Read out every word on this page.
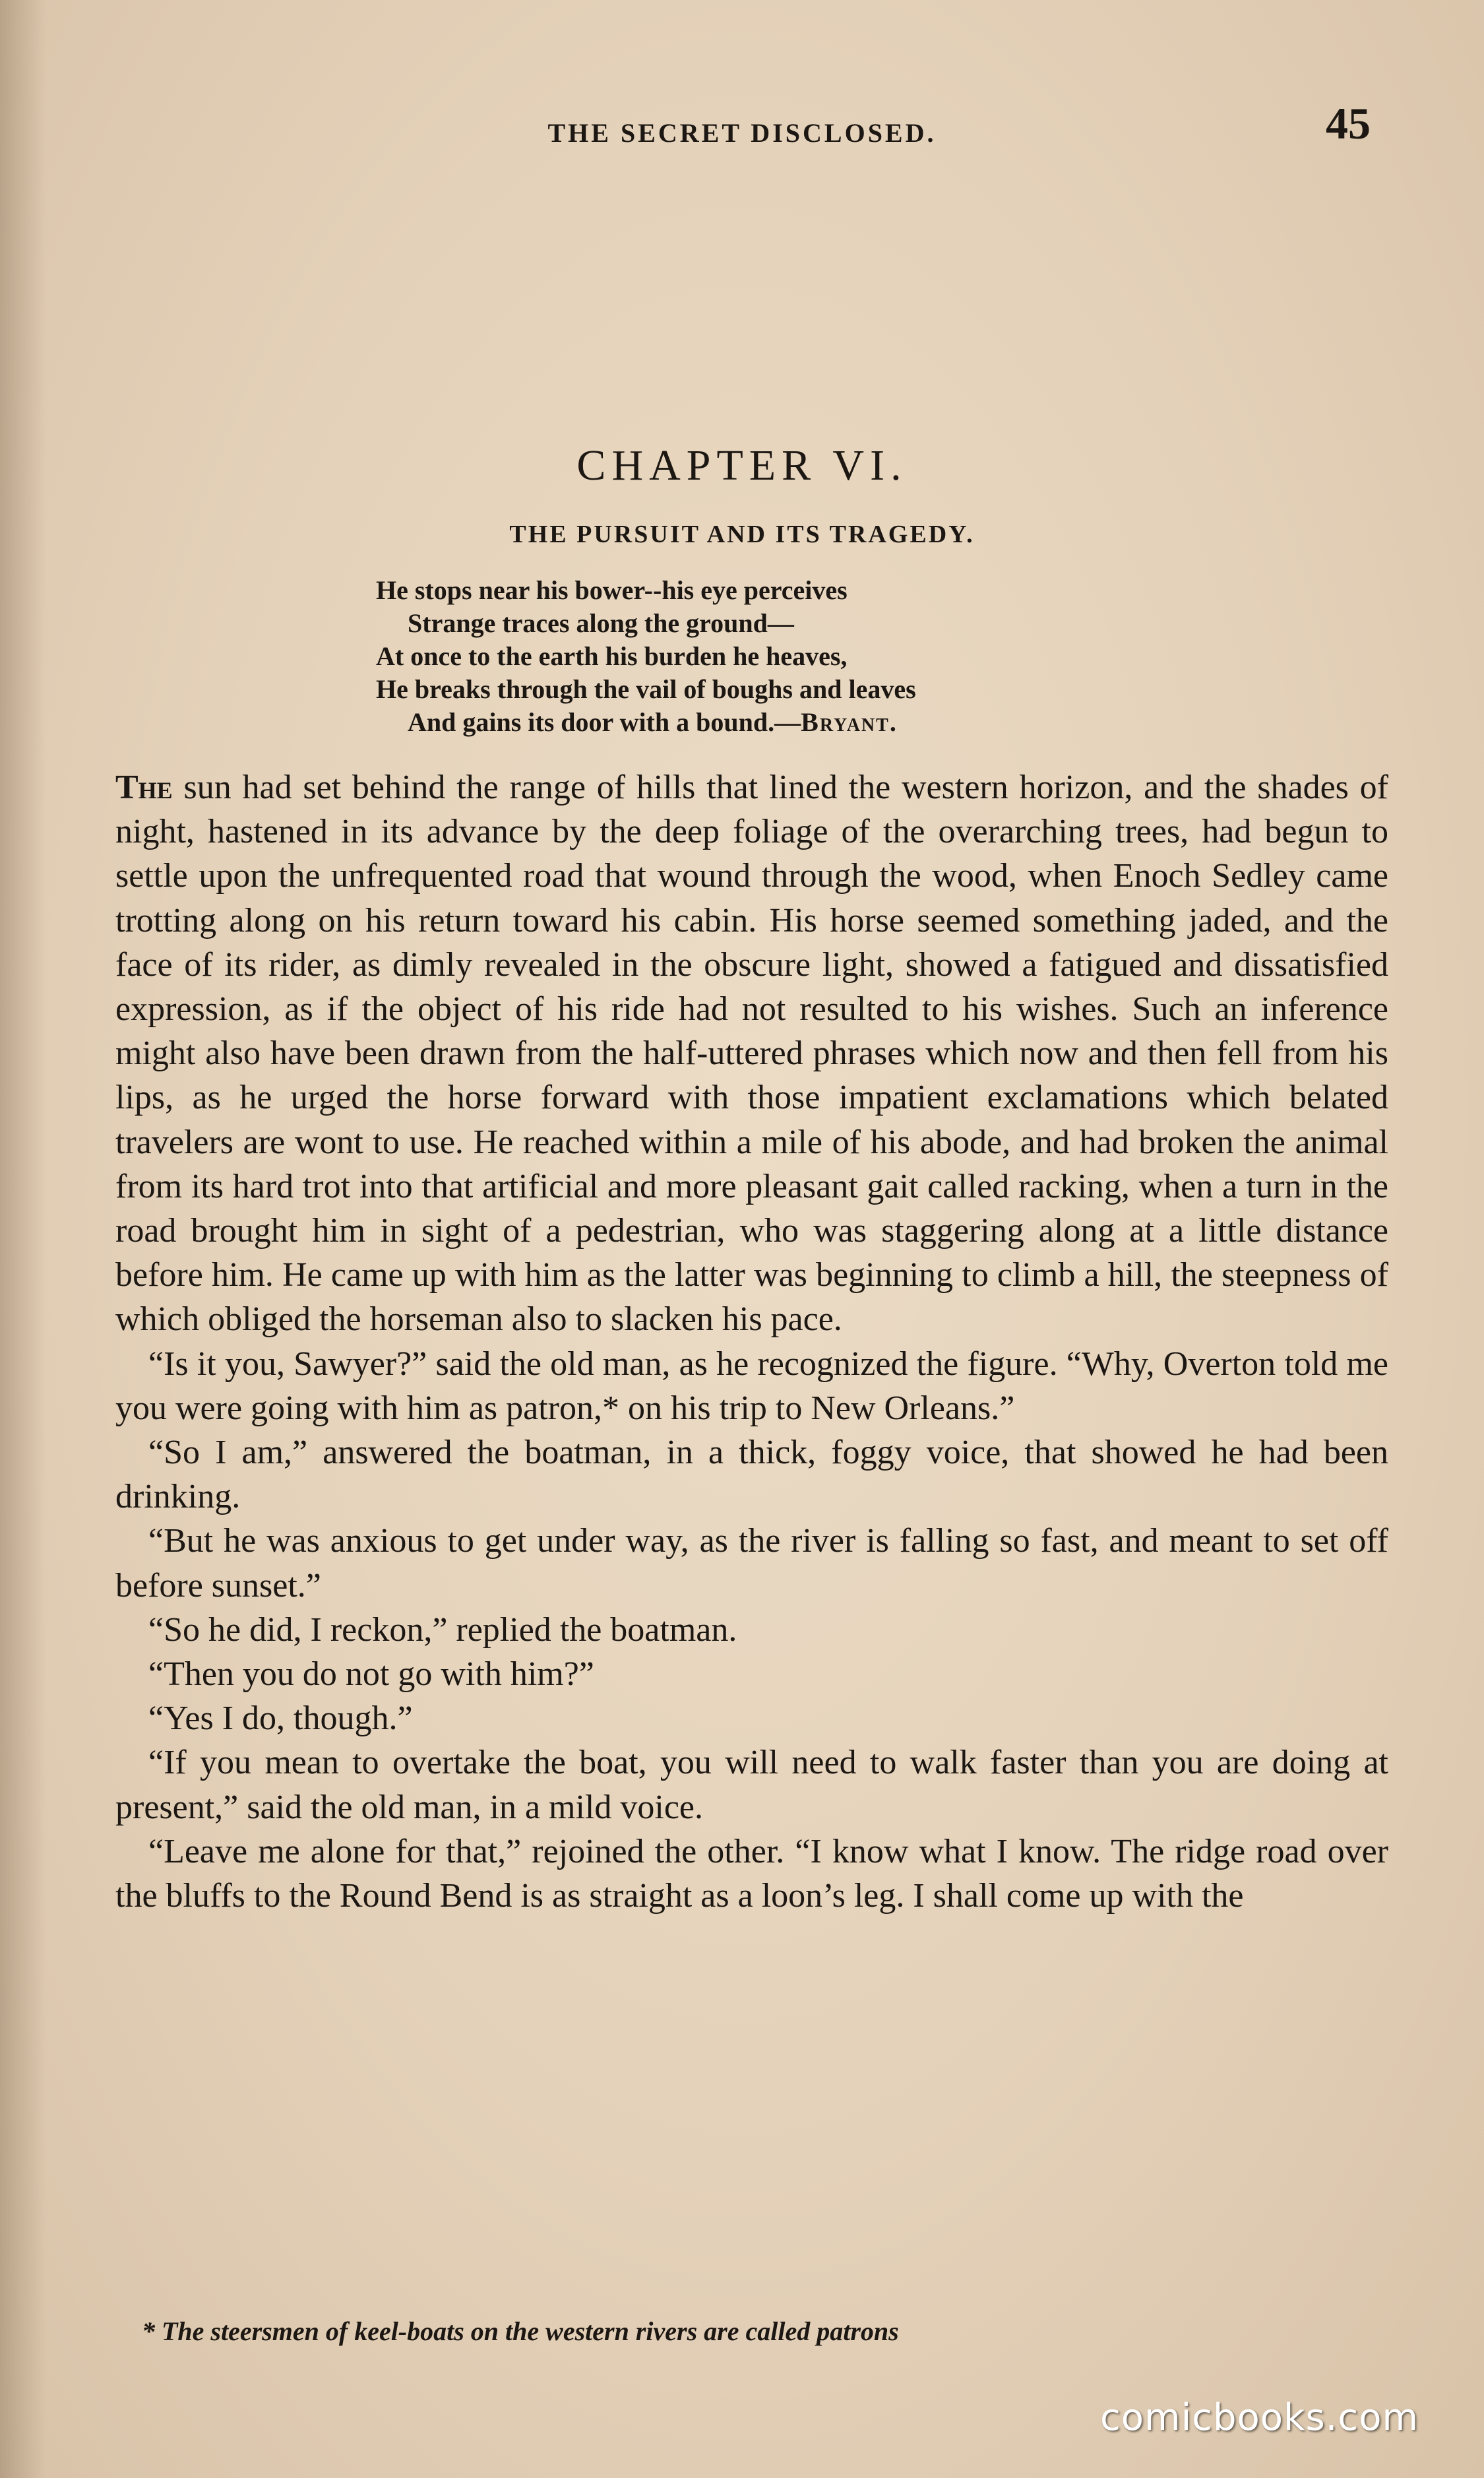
THE SECRET DISCLOSED.	45
CHAPTER VI.
THE PURSUIT AND ITS TRAGEDY.
He stops near his bower--his eye perceives
Strange traces along the ground—
At once to the earth his burden he heaves,
He breaks through the vail of boughs and leaves
And gains its door with a bound.—Bryant.

The sun had set behind the range of hills that lined the western horizon, and the shades of night, hastened in its advance by the deep foliage of the overarching trees, had begun to settle upon the unfrequented road that wound through the wood, when Enoch Sedley came trotting along on his return toward his cabin. His horse seemed something jaded, and the face of its rider, as dimly revealed in the obscure light, showed a fatigued and dissatisfied expression, as if the object of his ride had not resulted to his wishes. Such an inference might also have been drawn from the half-uttered phrases which now and then fell from his lips, as he urged the horse forward with those impatient exclamations which belated travelers are wont to use. He reached within a mile of his abode, and had broken the animal from its hard trot into that artificial and more pleasant gait called racking, when a turn in the road brought him in sight of a pedestrian, who was staggering along at a little distance before him. He came up with him as the latter was beginning to climb a hill, the steepness of which obliged the horseman also to slacken his pace.

“Is it you, Sawyer?” said the old man, as he recognized the figure. “Why, Overton told me you were going with him as patron,* on his trip to New Orleans.”

“So I am,” answered the boatman, in a thick, foggy voice, that showed he had been drinking.

“But he was anxious to get under way, as the river is falling so fast, and meant to set off before sunset.”

“So he did, I reckon,” replied the boatman.

“Then you do not go with him?”

“Yes I do, though.”

“If you mean to overtake the boat, you will need to walk faster than you are doing at present,” said the old man, in a mild voice.

“Leave me alone for that,” rejoined the other. “I know what I know. The ridge road over the bluffs to the Round Bend is as straight as a loon’s leg. I shall come up with the

* The steersmen of keel-boats on the western rivers are called patrons
comicbooks.com
